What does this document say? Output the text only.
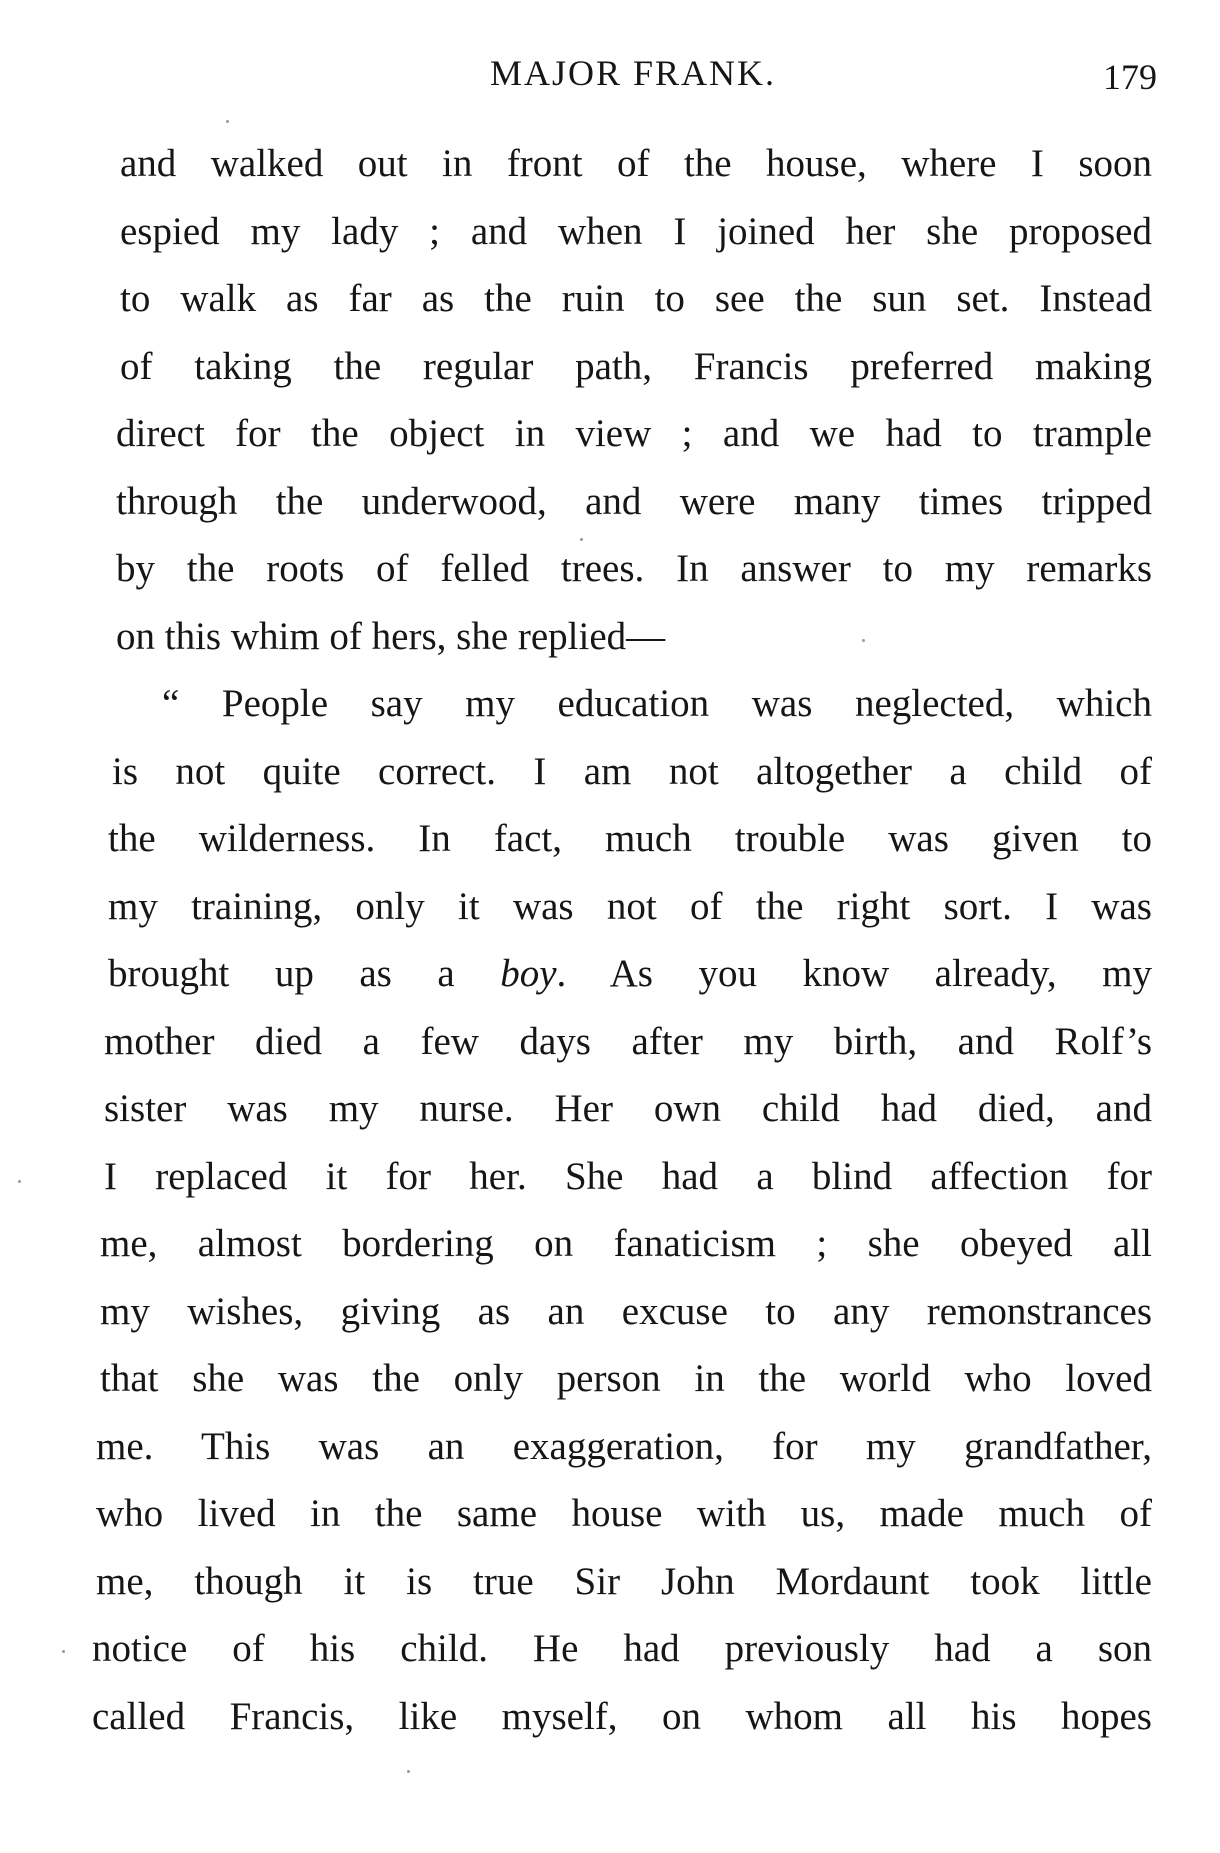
MAJOR FRANK.	179
and walked out in front of the house, where I soon
espied my lady ; and when I joined her she proposed
to walk as far as the ruin to see the sun set. Instead
of taking the regular path, Francis preferred making
direct for the object in view ; and we had to trample
through the underwood, and were many times tripped
by the roots of felled trees. In answer to my remarks
on this whim of hers, she replied—
“ People say my education was neglected, which
is not quite correct. I am not altogether a child of
the wilderness. In fact, much trouble was given to
my training, only it was not of the right sort. I was
brought up as a boy. As you know already, my
mother died a few days after my birth, and Rolf’s
sister was my nurse. Her own child had died, and
I replaced it for her. She had a blind affection for
me, almost bordering on fanaticism ; she obeyed all
my wishes, giving as an excuse to any remonstrances
that she was the only person in the world who loved
me. This was an exaggeration, for my grandfather,
who lived in the same house with us, made much of
me, though it is true Sir John Mordaunt took little
notice of his child. He had previously had a son
called Francis, like myself, on whom all his hopes
